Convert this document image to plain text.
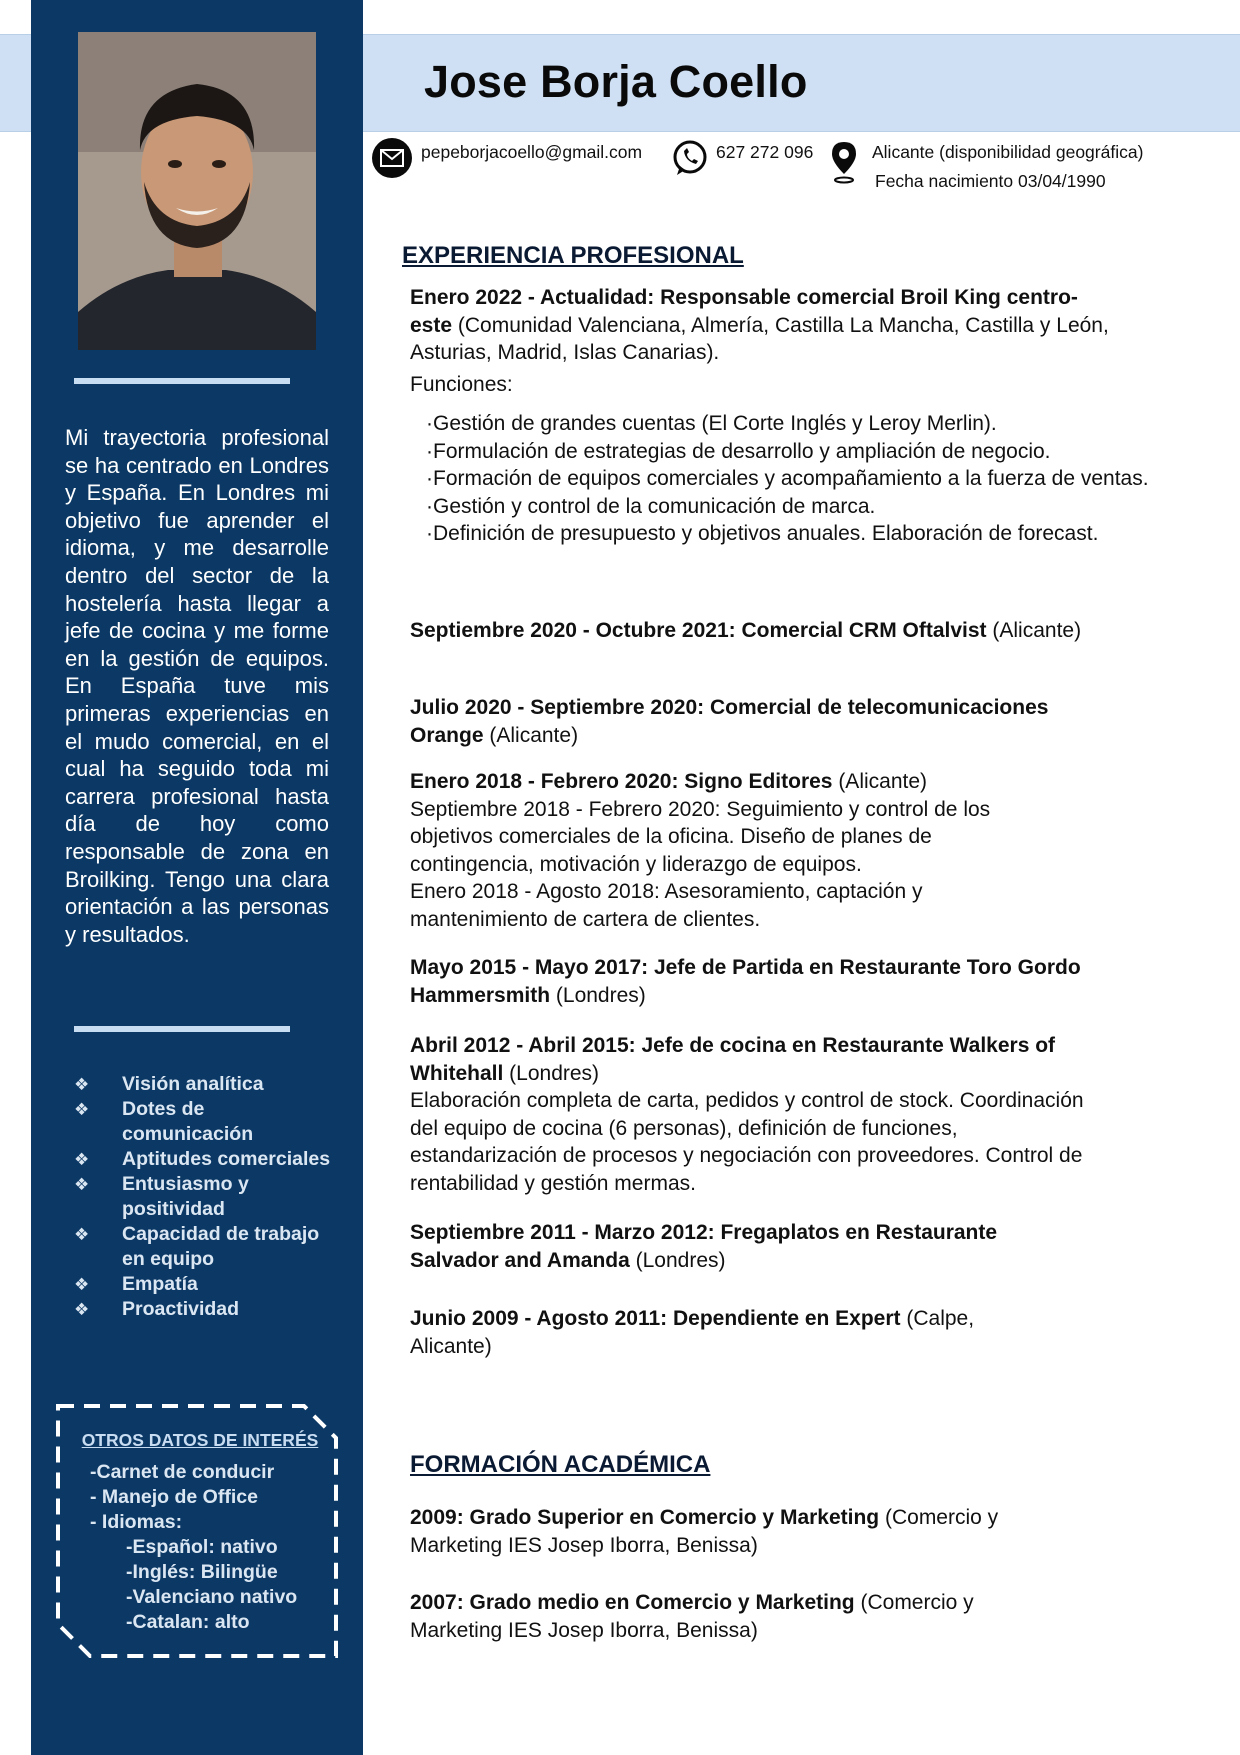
Mi trayectoria profesional se ha centrado en Londres y España. En Londres mi objetivo fue aprender el idioma, y me desarrolle dentro del sector de la hostelería hasta llegar a jefe de cocina y me forme en la gestión de equipos. En España tuve mis primeras experiencias en el mudo comercial, en el cual ha seguido toda mi carrera profesional hasta día de hoy como responsable de zona en Broilking. Tengo una clara orientación a las personas y resultados.

❖ Visión analítica
❖ Dotes de comunicación
❖ Aptitudes comerciales
❖ Entusiasmo y positividad
❖ Capacidad de trabajo en equipo
❖ Empatía
❖ Proactividad
OTROS DATOS DE INTERÉS
-Carnet de conducir
- Manejo de Office
- Idiomas:
-Español: nativo
-Inglés: Bilingüe
-Valenciano nativo
-Catalan: alto
Jose Borja Coello
pepeborjacoello@gmail.com	627 272 096	Alicante (disponibilidad geográfica)
Fecha nacimiento 03/04/1990
EXPERIENCIA PROFESIONAL

Enero 2022 - Actualidad: Responsable comercial Broil King centro-este (Comunidad Valenciana, Almería, Castilla La Mancha, Castilla y León, Asturias, Madrid, Islas Canarias).

Funciones:

·Gestión de grandes cuentas (El Corte Inglés y Leroy Merlin).
·Formulación de estrategias de desarrollo y ampliación de negocio.
·Formación de equipos comerciales y acompañamiento a la fuerza de ventas.
·Gestión y control de la comunicación de marca.
·Definición de presupuesto y objetivos anuales. Elaboración de forecast.

Septiembre 2020 - Octubre 2021: Comercial CRM Oftalvist (Alicante)

Julio 2020 - Septiembre 2020: Comercial de telecomunicaciones Orange (Alicante)

Enero 2018 - Febrero 2020: Signo Editores (Alicante)
Septiembre 2018 - Febrero 2020: Seguimiento y control de los objetivos comerciales de la oficina. Diseño de planes de contingencia, motivación y liderazgo de equipos.
Enero 2018 - Agosto 2018: Asesoramiento, captación y mantenimiento de cartera de clientes.

Mayo 2015 - Mayo 2017: Jefe de Partida en Restaurante Toro Gordo Hammersmith (Londres)

Abril 2012 - Abril 2015: Jefe de cocina en Restaurante Walkers of Whitehall (Londres)
Elaboración completa de carta, pedidos y control de stock. Coordinación del equipo de cocina (6 personas), definición de funciones, estandarización de procesos y negociación con proveedores. Control de rentabilidad y gestión mermas.

Septiembre 2011 - Marzo 2012: Fregaplatos en Restaurante Salvador and Amanda (Londres)

Junio 2009 - Agosto 2011: Dependiente en Expert (Calpe, Alicante)

FORMACIÓN ACADÉMICA

2009: Grado Superior en Comercio y Marketing (Comercio y Marketing IES Josep Iborra, Benissa)

2007: Grado medio en Comercio y Marketing (Comercio y Marketing IES Josep Iborra, Benissa)
